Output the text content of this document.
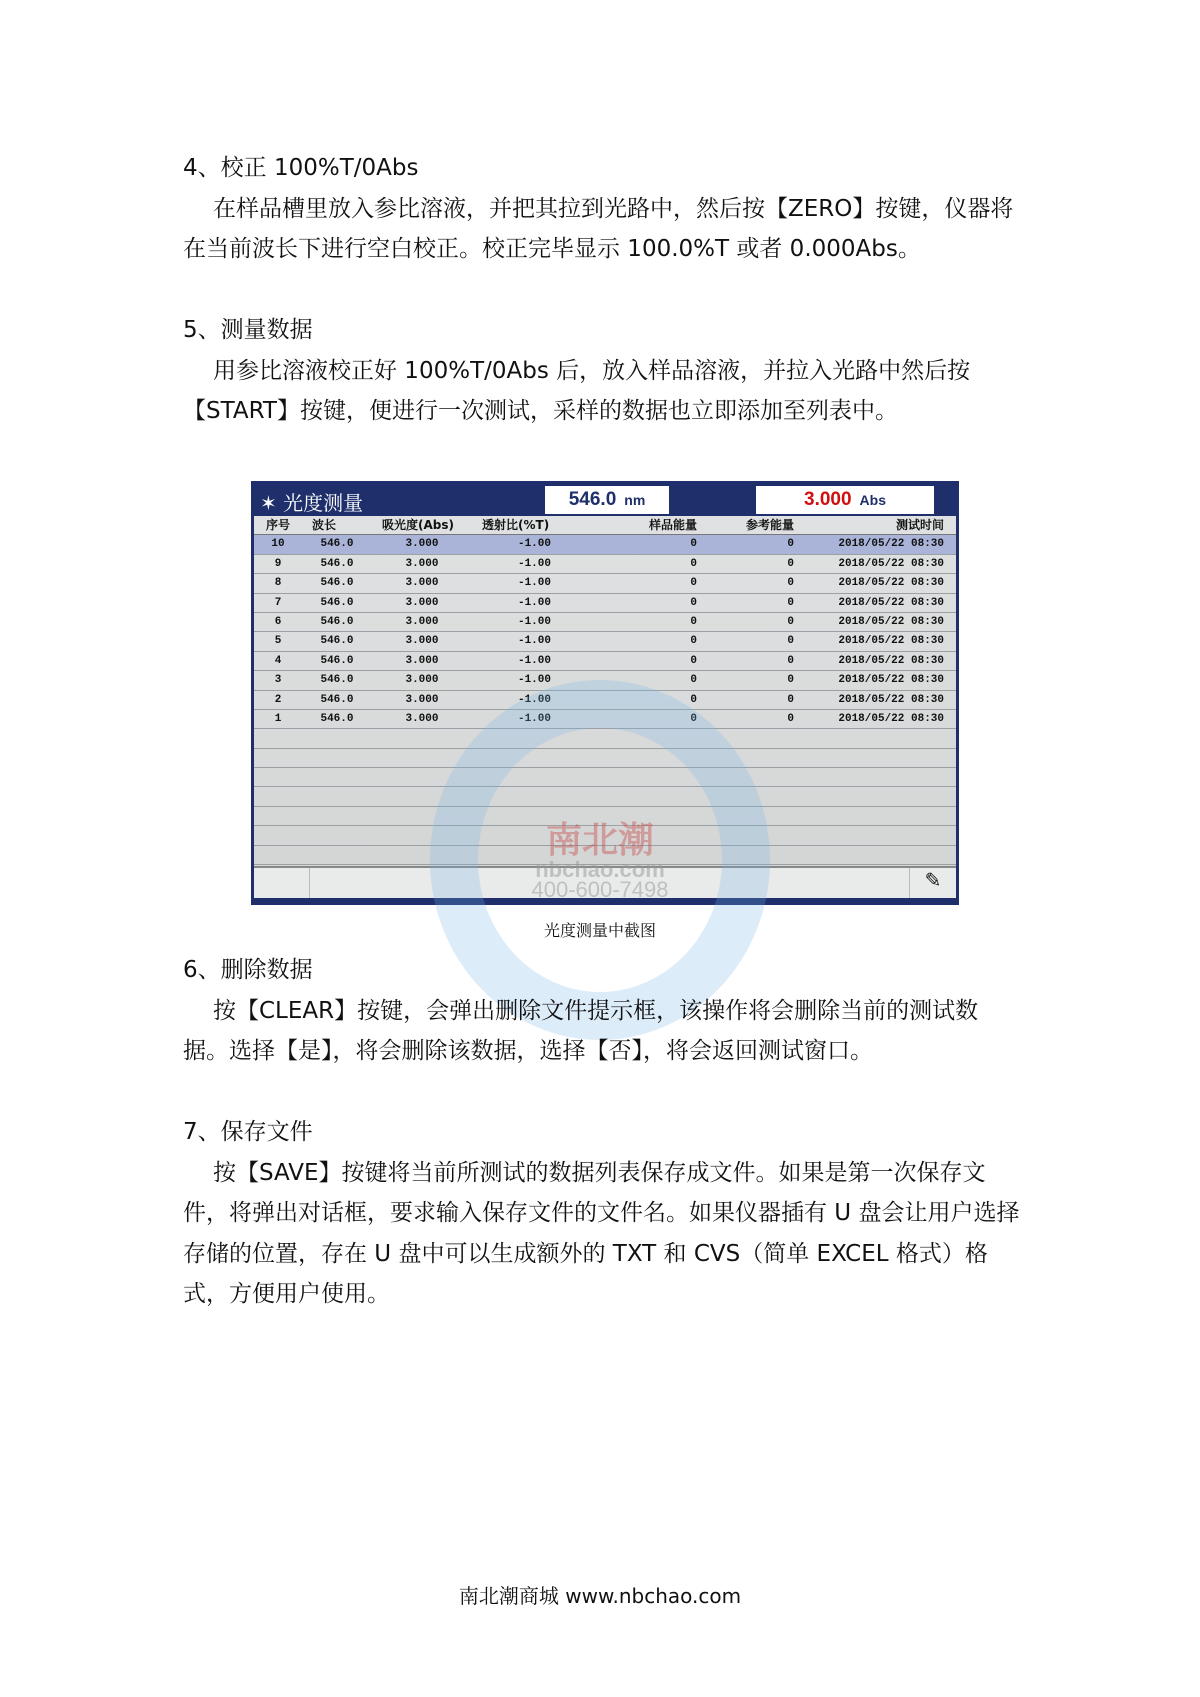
4、校正 100%T/0Abs

在样品槽里放入参比溶液，并把其拉到光路中，然后按【ZERO】按键，仪器将在当前波长下进行空白校正。校正完毕显示 100.0%T 或者 0.000Abs。

5、测量数据

用参比溶液校正好 100%T/0Abs 后，放入样品溶液，并拉入光路中然后按【START】按键，便进行一次测试，采样的数据也立即添加至列表中。

✶ 光度测量	546.0 nm	3.000 Abs
序号	波长	吸光度(Abs)	透射比(%T)	样品能量	参考能量	测试时间
10	546.0	3.000	-1.00	0	0	2018/05/22 08:30
9	546.0	3.000	-1.00	0	0	2018/05/22 08:30
8	546.0	3.000	-1.00	0	0	2018/05/22 08:30
7	546.0	3.000	-1.00	0	0	2018/05/22 08:30
6	546.0	3.000	-1.00	0	0	2018/05/22 08:30
5	546.0	3.000	-1.00	0	0	2018/05/22 08:30
4	546.0	3.000	-1.00	0	0	2018/05/22 08:30
3	546.0	3.000	-1.00	0	0	2018/05/22 08:30
2	546.0	3.000	-1.00	0	0	2018/05/22 08:30
1	546.0	3.000	-1.00	0	0	2018/05/22 08:30
✎
南北潮
nbchao.com
400-600-7498
光度测量中截图

6、删除数据

按【CLEAR】按键，会弹出删除文件提示框，该操作将会删除当前的测试数据。选择【是】，将会删除该数据，选择【否】，将会返回测试窗口。

7、保存文件

按【SAVE】按键将当前所测试的数据列表保存成文件。如果是第一次保存文件，将弹出对话框，要求输入保存文件的文件名。如果仪器插有 U 盘会让用户选择存储的位置，存在 U 盘中可以生成额外的 TXT 和 CVS（简单 EXCEL 格式）格式，方便用户使用。

南北潮商城 www.nbchao.com
